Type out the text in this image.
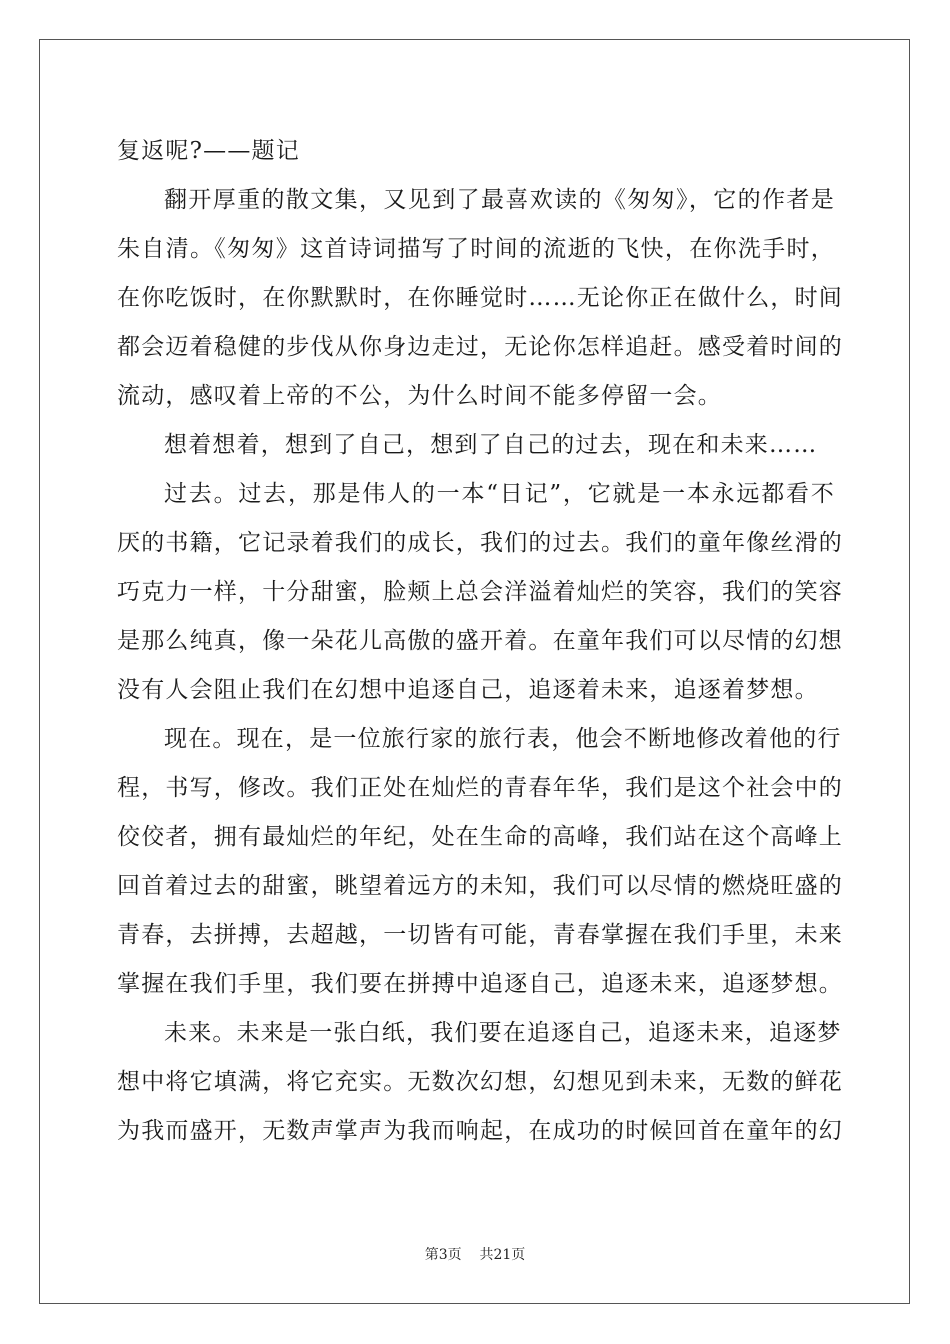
复返呢?——题记
翻开厚重的散文集，又见到了最喜欢读的《匆匆》，它的作者是
朱自清。《匆匆》这首诗词描写了时间的流逝的飞快，在你洗手时，
在你吃饭时，在你默默时，在你睡觉时……无论你正在做什么，时间
都会迈着稳健的步伐从你身边走过，无论你怎样追赶。感受着时间的
流动，感叹着上帝的不公，为什么时间不能多停留一会。
想着想着，想到了自己，想到了自己的过去，现在和未来……
过去。过去，那是伟人的一本“日记”，它就是一本永远都看不
厌的书籍，它记录着我们的成长，我们的过去。我们的童年像丝滑的
巧克力一样，十分甜蜜，脸颊上总会洋溢着灿烂的笑容，我们的笑容
是那么纯真，像一朵花儿高傲的盛开着。在童年我们可以尽情的幻想
没有人会阻止我们在幻想中追逐自己，追逐着未来，追逐着梦想。
现在。现在，是一位旅行家的旅行表，他会不断地修改着他的行
程，书写，修改。我们正处在灿烂的青春年华，我们是这个社会中的
佼佼者，拥有最灿烂的年纪，处在生命的高峰，我们站在这个高峰上
回首着过去的甜蜜，眺望着远方的未知，我们可以尽情的燃烧旺盛的
青春，去拼搏，去超越，一切皆有可能，青春掌握在我们手里，未来
掌握在我们手里，我们要在拼搏中追逐自己，追逐未来，追逐梦想。
未来。未来是一张白纸，我们要在追逐自己，追逐未来，追逐梦
想中将它填满，将它充实。无数次幻想，幻想见到未来，无数的鲜花
为我而盛开，无数声掌声为我而响起，在成功的时候回首在童年的幻
第3页 共21页
